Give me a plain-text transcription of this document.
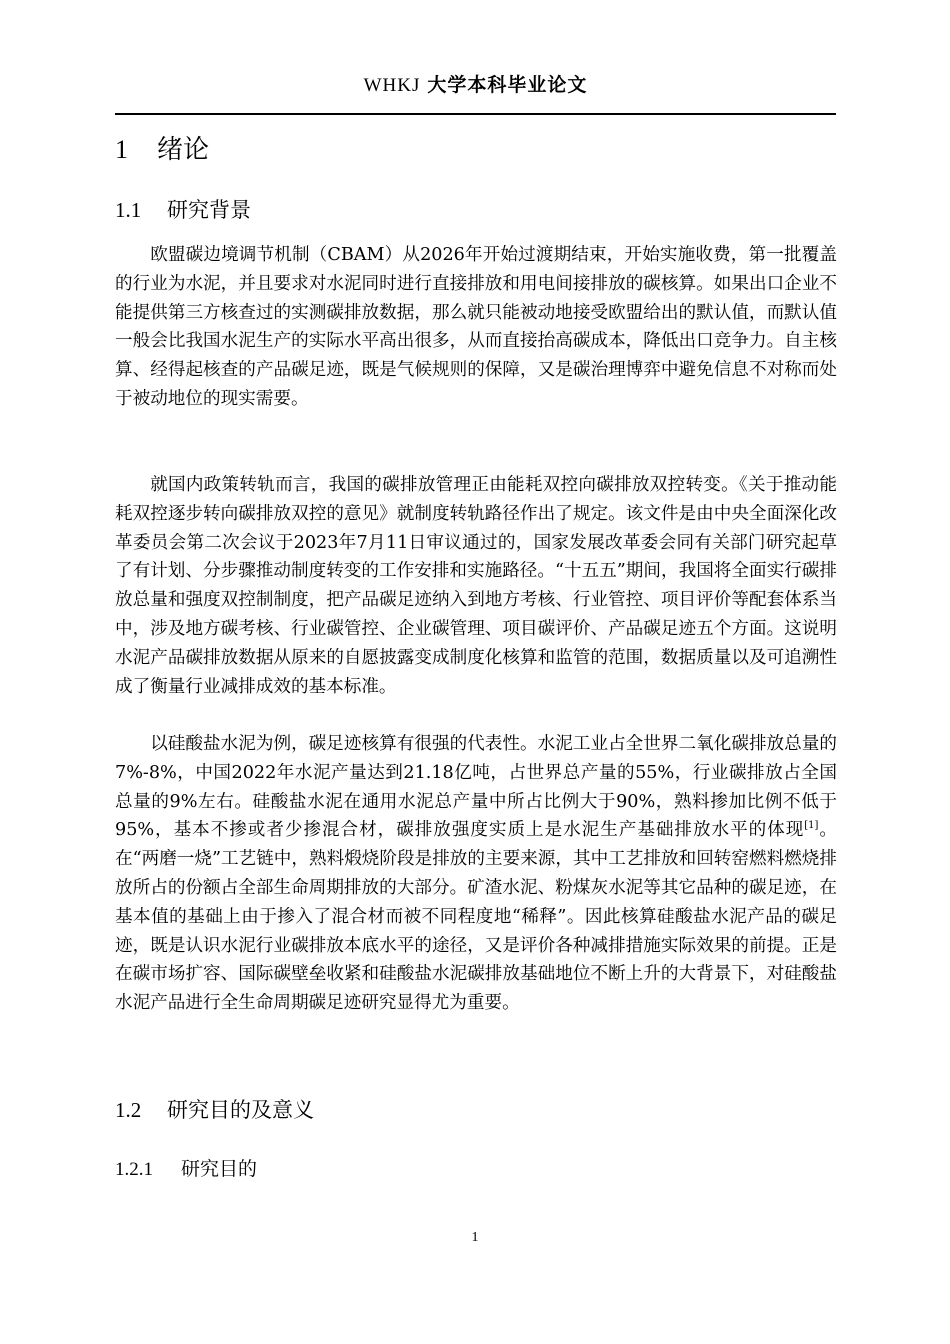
WHKJ 大学本科毕业论文
1 绪论
1.1 研究背景

欧盟碳边境调节机制（CBAM）从2026年开始过渡期结束，开始实施收费，第一批覆盖的行业为水泥，并且要求对水泥同时进行直接排放和用电间接排放的碳核算。如果出口企业不能提供第三方核查过的实测碳排放数据，那么就只能被动地接受欧盟给出的默认值，而默认值一般会比我国水泥生产的实际水平高出很多，从而直接抬高碳成本，降低出口竞争力。自主核算、经得起核查的产品碳足迹，既是气候规则的保障，又是碳治理博弈中避免信息不对称而处于被动地位的现实需要。

就国内政策转轨而言，我国的碳排放管理正由能耗双控向碳排放双控转变。《关于推动能耗双控逐步转向碳排放双控的意见》就制度转轨路径作出了规定。该文件是由中央全面深化改革委员会第二次会议于2023年7月11日审议通过的，国家发展改革委会同有关部门研究起草了有计划、分步骤推动制度转变的工作安排和实施路径。“十五五”期间，我国将全面实行碳排放总量和强度双控制制度，把产品碳足迹纳入到地方考核、行业管控、项目评价等配套体系当中，涉及地方碳考核、行业碳管控、企业碳管理、项目碳评价、产品碳足迹五个方面。这说明水泥产品碳排放数据从原来的自愿披露变成制度化核算和监管的范围，数据质量以及可追溯性成了衡量行业减排成效的基本标准。

以硅酸盐水泥为例，碳足迹核算有很强的代表性。水泥工业占全世界二氧化碳排放总量的7%-8%，中国2022年水泥产量达到21.18亿吨，占世界总产量的55%，行业碳排放占全国总量的9%左右。硅酸盐水泥在通用水泥总产量中所占比例大于90%，熟料掺加比例不低于95%，基本不掺或者少掺混合材，碳排放强度实质上是水泥生产基础排放水平的体现[1]。在“两磨一烧”工艺链中，熟料煅烧阶段是排放的主要来源，其中工艺排放和回转窑燃料燃烧排放所占的份额占全部生命周期排放的大部分。矿渣水泥、粉煤灰水泥等其它品种的碳足迹，在基本值的基础上由于掺入了混合材而被不同程度地“稀释”。因此核算硅酸盐水泥产品的碳足迹，既是认识水泥行业碳排放本底水平的途径，又是评价各种减排措施实际效果的前提。正是在碳市场扩容、国际碳壁垒收紧和硅酸盐水泥碳排放基础地位不断上升的大背景下，对硅酸盐水泥产品进行全生命周期碳足迹研究显得尤为重要。

1.2 研究目的及意义
1.2.1 研究目的
1
